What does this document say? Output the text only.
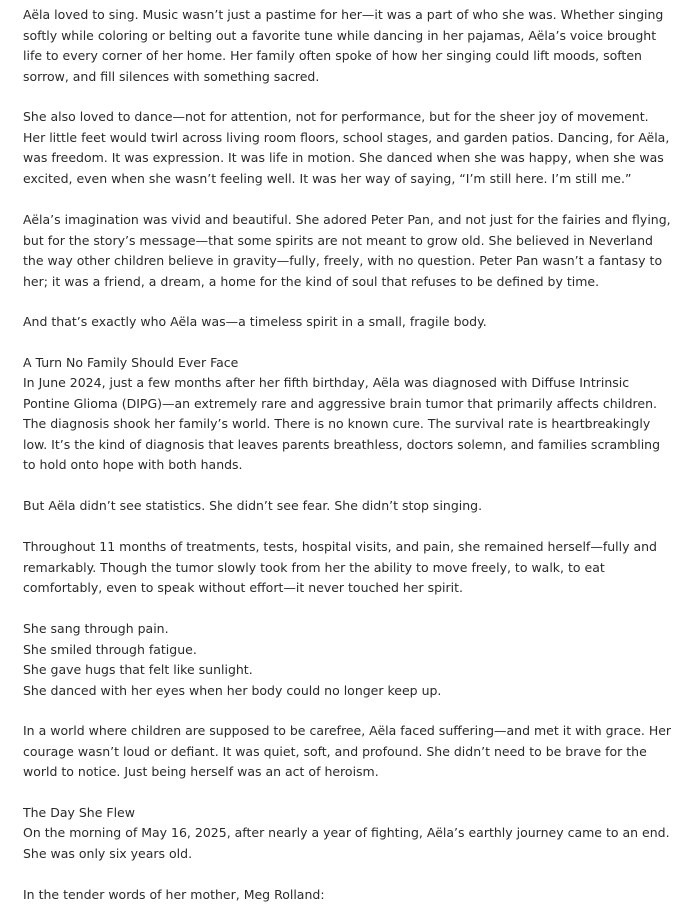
Aëla loved to sing. Music wasn’t just a pastime for her—it was a part of who she was. Whether singing softly while coloring or belting out a favorite tune while dancing in her pajamas, Aëla’s voice brought life to every corner of her home. Her family often spoke of how her singing could lift moods, soften sorrow, and fill silences with something sacred.

She also loved to dance—not for attention, not for performance, but for the sheer joy of movement. Her little feet would twirl across living room floors, school stages, and garden patios. Dancing, for Aëla, was freedom. It was expression. It was life in motion. She danced when she was happy, when she was excited, even when she wasn’t feeling well. It was her way of saying, “I’m still here. I’m still me.”

Aëla’s imagination was vivid and beautiful. She adored Peter Pan, and not just for the fairies and flying, but for the story’s message—that some spirits are not meant to grow old. She believed in Neverland the way other children believe in gravity—fully, freely, with no question. Peter Pan wasn’t a fantasy to her; it was a friend, a dream, a home for the kind of soul that refuses to be defined by time.

And that’s exactly who Aëla was—a timeless spirit in a small, fragile body.

A Turn No Family Should Ever Face

In June 2024, just a few months after her fifth birthday, Aëla was diagnosed with Diffuse Intrinsic Pontine Glioma (DIPG)—an extremely rare and aggressive brain tumor that primarily affects children. The diagnosis shook her family’s world. There is no known cure. The survival rate is heartbreakingly low. It’s the kind of diagnosis that leaves parents breathless, doctors solemn, and families scrambling to hold onto hope with both hands.

But Aëla didn’t see statistics. She didn’t see fear. She didn’t stop singing.

Throughout 11 months of treatments, tests, hospital visits, and pain, she remained herself—fully and remarkably. Though the tumor slowly took from her the ability to move freely, to walk, to eat comfortably, even to speak without effort—it never touched her spirit.

She sang through pain.

She smiled through fatigue.

She gave hugs that felt like sunlight.

She danced with her eyes when her body could no longer keep up.

In a world where children are supposed to be carefree, Aëla faced suffering—and met it with grace. Her courage wasn’t loud or defiant. It was quiet, soft, and profound. She didn’t need to be brave for the world to notice. Just being herself was an act of heroism.

The Day She Flew

On the morning of May 16, 2025, after nearly a year of fighting, Aëla’s earthly journey came to an end. She was only six years old.

In the tender words of her mother, Meg Rolland:
